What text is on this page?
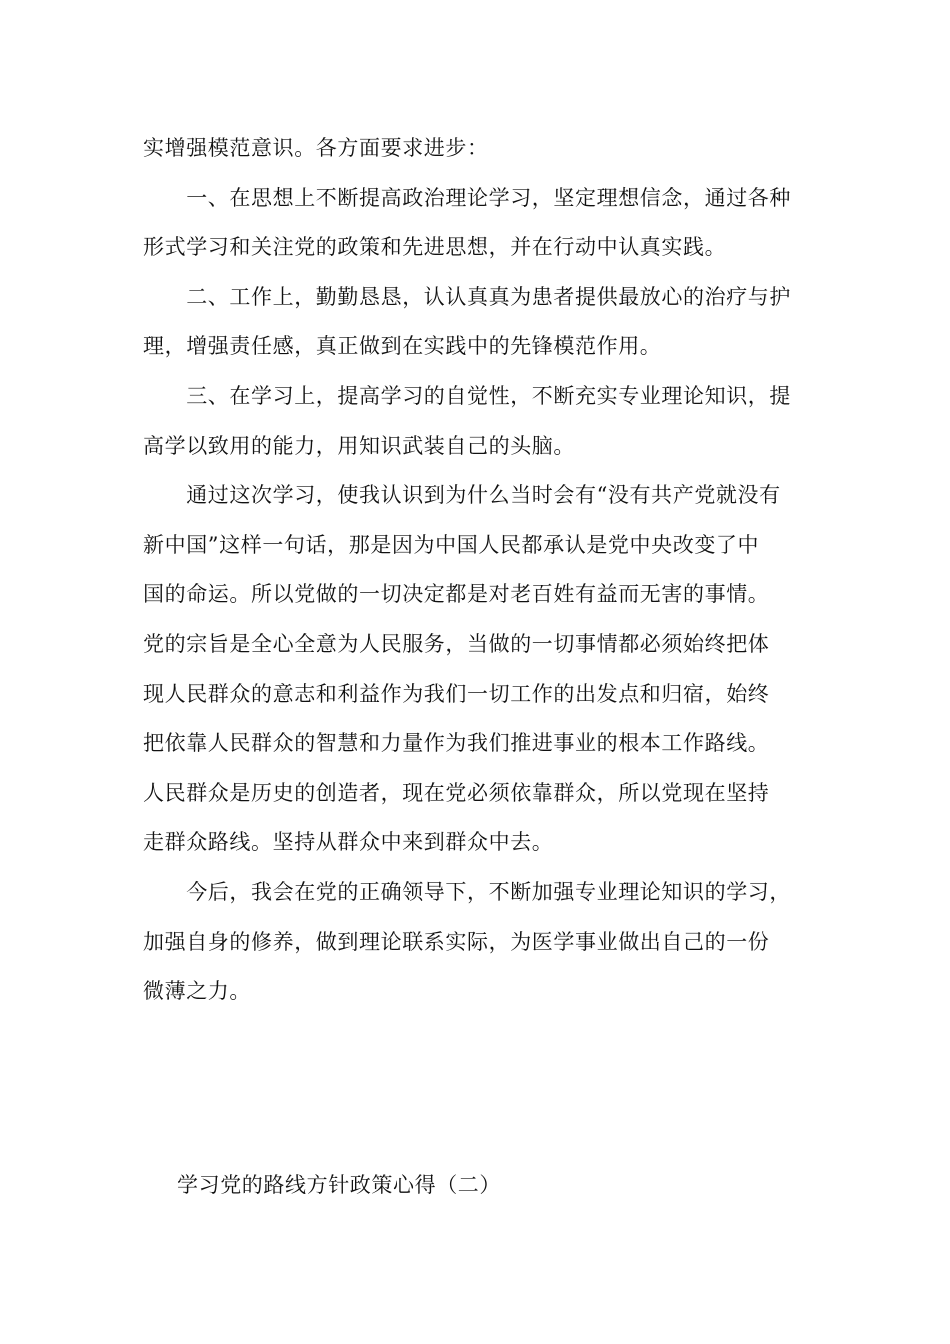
实增强模范意识。各方面要求进步：

　　一、在思想上不断提高政治理论学习，坚定理想信念，通过各种
形式学习和关注党的政策和先进思想，并在行动中认真实践。

　　二、工作上，勤勤恳恳，认认真真为患者提供最放心的治疗与护
理，增强责任感，真正做到在实践中的先锋模范作用。

　　三、在学习上，提高学习的自觉性，不断充实专业理论知识，提
高学以致用的能力，用知识武装自己的头脑。

　　通过这次学习，使我认识到为什么当时会有“没有共产党就没有
新中国”这样一句话，那是因为中国人民都承认是党中央改变了中
国的命运。所以党做的一切决定都是对老百姓有益而无害的事情。
党的宗旨是全心全意为人民服务，当做的一切事情都必须始终把体
现人民群众的意志和利益作为我们一切工作的出发点和归宿，始终
把依靠人民群众的智慧和力量作为我们推进事业的根本工作路线。
人民群众是历史的创造者，现在党必须依靠群众，所以党现在坚持
走群众路线。坚持从群众中来到群众中去。

　　今后，我会在党的正确领导下，不断加强专业理论知识的学习，
加强自身的修养，做到理论联系实际，为医学事业做出自己的一份
微薄之力。

学习党的路线方针政策心得（二）
